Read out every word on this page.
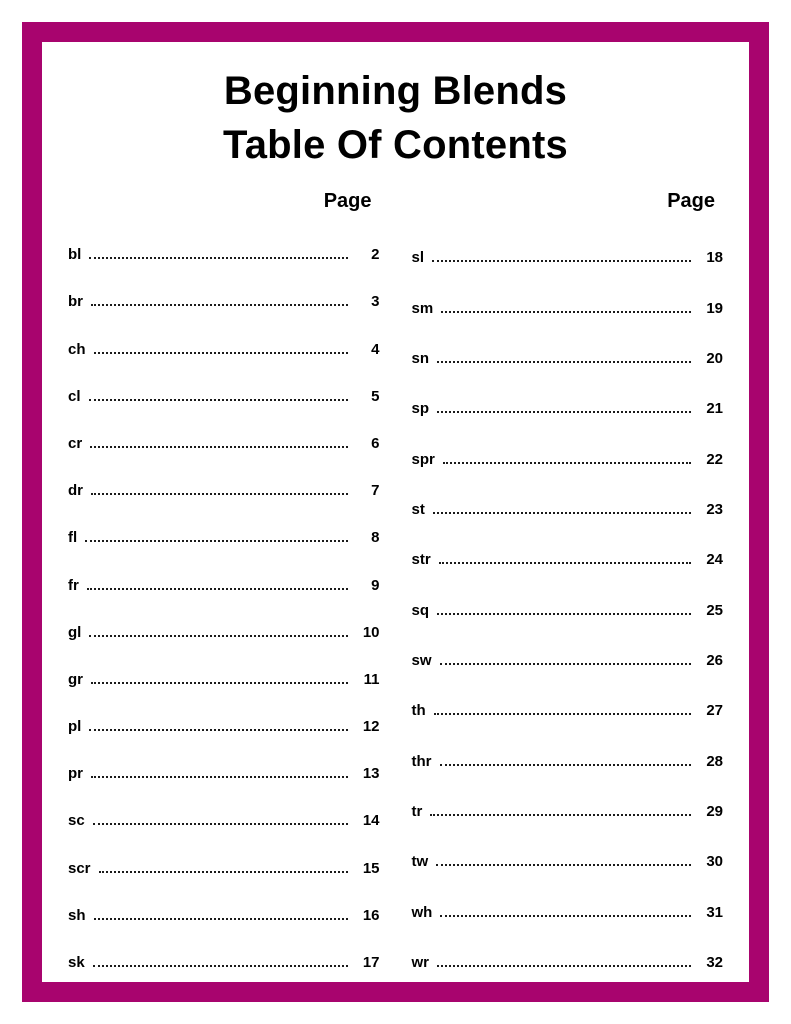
Beginning Blends
Table Of Contents
Page
bl	2
br	3
ch	4
cl	5
cr	6
dr	7
fl	8
fr	9
gl	10
gr	11
pl	12
pr	13
sc	14
scr	15
sh	16
sk	17
Page
sl	18
sm	19
sn	20
sp	21
spr	22
st	23
str	24
sq	25
sw	26
th	27
thr	28
tr	29
tw	30
wh	31
wr	32
